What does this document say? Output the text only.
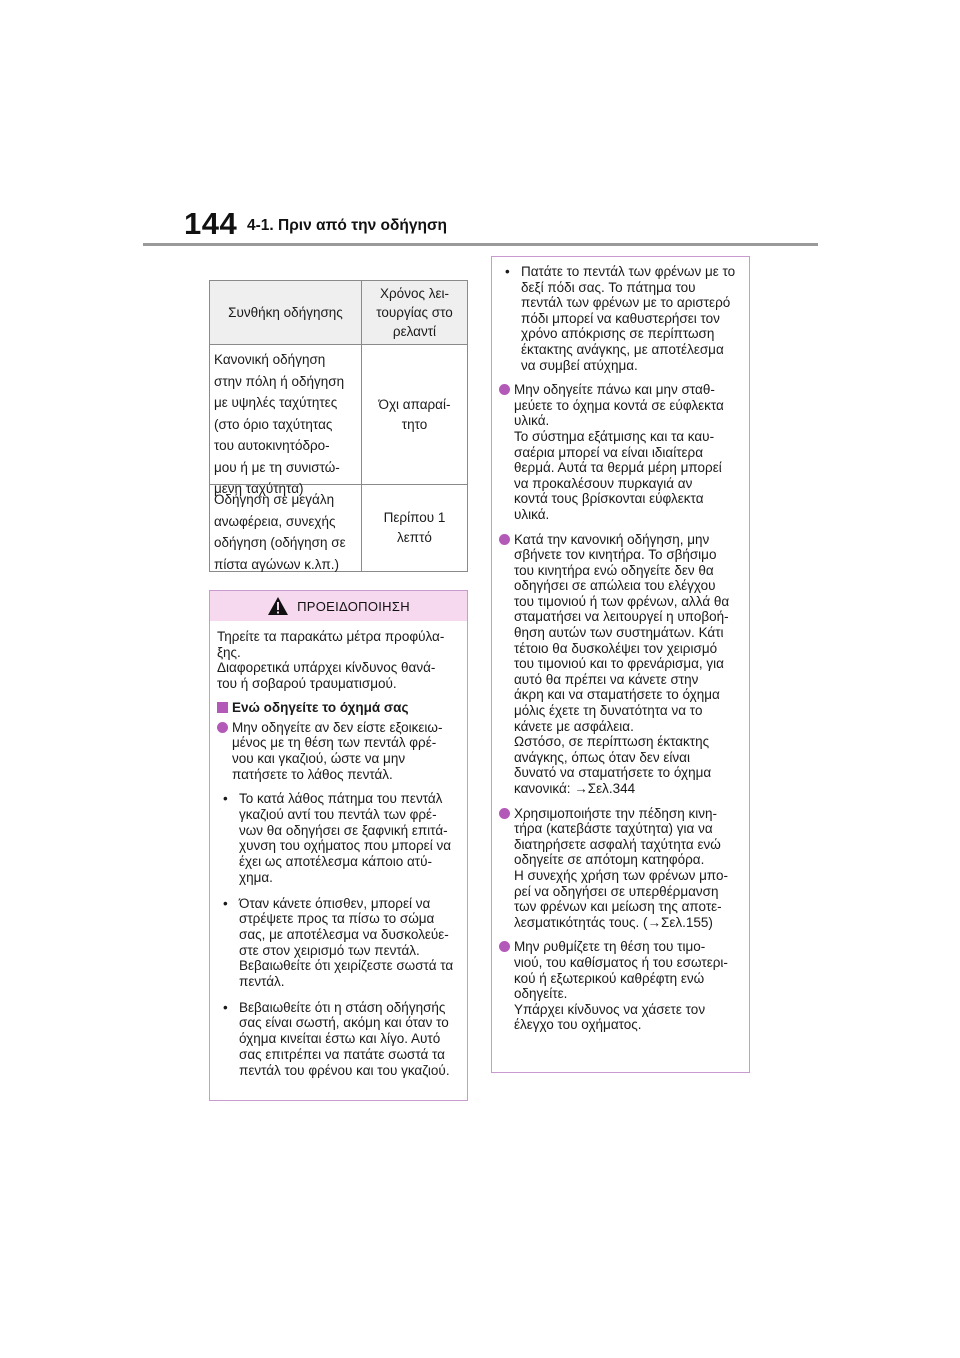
144 4-1. Πριν από την οδήγηση
Συνθήκη οδήγησης
Χρόνος λει-
τουργίας στο
ρελαντί
Κανονική οδήγηση
στην πόλη ή οδήγηση
με υψηλές ταχύτητες
(στο όριο ταχύτητας
του αυτοκινητόδρο-
μου ή με τη συνιστώ-
μενη ταχύτητα)
Όχι απαραί-
τητο
Οδήγηση σε μεγάλη
ανωφέρεια, συνεχής
οδήγηση (οδήγηση σε
πίστα αγώνων κ.λπ.)
Περίπου 1
λεπτό
ΠΡΟΕΙΔΟΠΟΙΗΣΗ

Τηρείτε τα παρακάτω μέτρα προφύλα-
ξης.
Διαφορετικά υπάρχει κίνδυνος θανά-
του ή σοβαρού τραυματισμού.

Ενώ οδηγείτε το όχημά σας
Μην οδηγείτε αν δεν είστε εξοικειω-
μένος με τη θέση των πεντάλ φρέ-
νου και γκαζιού, ώστε να μην
πατήσετε το λάθος πεντάλ.
• Το κατά λάθος πάτημα του πεντάλ
γκαζιού αντί του πεντάλ των φρέ-
νων θα οδηγήσει σε ξαφνική επιτά-
χυνση του οχήματος που μπορεί να
έχει ως αποτέλεσμα κάποιο ατύ-
χημα.
• Όταν κάνετε όπισθεν, μπορεί να
στρέψετε προς τα πίσω το σώμα
σας, με αποτέλεσμα να δυσκολεύε-
στε στον χειρισμό των πεντάλ.
Βεβαιωθείτε ότι χειρίζεστε σωστά τα
πεντάλ.
• Βεβαιωθείτε ότι η στάση οδήγησής
σας είναι σωστή, ακόμη και όταν το
όχημα κινείται έστω και λίγο. Αυτό
σας επιτρέπει να πατάτε σωστά τα
πεντάλ του φρένου και του γκαζιού.
• Πατάτε το πεντάλ των φρένων με το
δεξί πόδι σας. Το πάτημα του
πεντάλ των φρένων με το αριστερό
πόδι μπορεί να καθυστερήσει τον
χρόνο απόκρισης σε περίπτωση
έκτακτης ανάγκης, με αποτέλεσμα
να συμβεί ατύχημα.
Μην οδηγείτε πάνω και μην σταθ-
μεύετε το όχημα κοντά σε εύφλεκτα
υλικά.
Το σύστημα εξάτμισης και τα καυ-
σαέρια μπορεί να είναι ιδιαίτερα
θερμά. Αυτά τα θερμά μέρη μπορεί
να προκαλέσουν πυρκαγιά αν
κοντά τους βρίσκονται εύφλεκτα
υλικά.
Κατά την κανονική οδήγηση, μην
σβήνετε τον κινητήρα. Το σβήσιμο
του κινητήρα ενώ οδηγείτε δεν θα
οδηγήσει σε απώλεια του ελέγχου
του τιμονιού ή των φρένων, αλλά θα
σταματήσει να λειτουργεί η υποβοή-
θηση αυτών των συστημάτων. Κάτι
τέτοιο θα δυσκολέψει τον χειρισμό
του τιμονιού και το φρενάρισμα, για
αυτό θα πρέπει να κάνετε στην
άκρη και να σταματήσετε το όχημα
μόλις έχετε τη δυνατότητα να το
κάνετε με ασφάλεια.
Ωστόσο, σε περίπτωση έκτακτης
ανάγκης, όπως όταν δεν είναι
δυνατό να σταματήσετε το όχημα
κανονικά: →Σελ.344
Χρησιμοποιήστε την πέδηση κινη-
τήρα (κατεβάστε ταχύτητα) για να
διατηρήσετε ασφαλή ταχύτητα ενώ
οδηγείτε σε απότομη κατηφόρα.
Η συνεχής χρήση των φρένων μπο-
ρεί να οδηγήσει σε υπερθέρμανση
των φρένων και μείωση της αποτε-
λεσματικότητάς τους. (→Σελ.155)
Μην ρυθμίζετε τη θέση του τιμο-
νιού, του καθίσματος ή του εσωτερι-
κού ή εξωτερικού καθρέφτη ενώ
οδηγείτε.
Υπάρχει κίνδυνος να χάσετε τον
έλεγχο του οχήματος.
